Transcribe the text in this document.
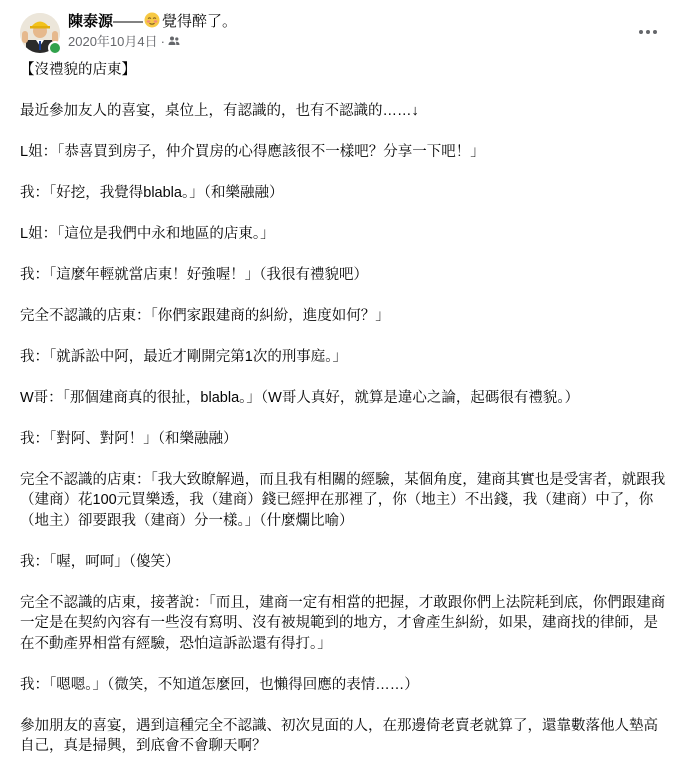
陳泰源—— 覺得醉了。
2020年10月4日 ·

【沒禮貌的店東】

最近參加友人的喜宴，桌位上，有認識的，也有不認識的……↓

L姐：「恭喜買到房子，仲介買房的心得應該很不一樣吧？分享一下吧！」

我：「好挖，我覺得blabla。」（和樂融融）

L姐：「這位是我們中永和地區的店東。」

我：「這麼年輕就當店東！好強喔！」（我很有禮貌吧）

完全不認識的店東：「你們家跟建商的糾紛，進度如何？」

我：「就訴訟中阿，最近才剛開完第1次的刑事庭。」

W哥：「那個建商真的很扯，blabla。」（W哥人真好，就算是違心之論，起碼很有禮貌。）

我：「對阿、對阿！」（和樂融融）

完全不認識的店東：「我大致瞭解過，而且我有相關的經驗，某個角度，建商其實也是受害者，就跟我（建商）花100元買樂透，我（建商）錢已經押在那裡了，你（地主）不出錢，我（建商）中了，你（地主）卻要跟我（建商）分一樣。」（什麼爛比喻）

我：「喔，呵呵」（傻笑）

完全不認識的店東，接著說：「而且，建商一定有相當的把握，才敢跟你們上法院耗到底，你們跟建商一定是在契約內容有一些沒有寫明、沒有被規範到的地方，才會產生糾紛，如果，建商找的律師，是在不動產界相當有經驗，恐怕這訴訟還有得打。」

我：「嗯嗯。」（微笑，不知道怎麼回，也懶得回應的表情……）

參加朋友的喜宴，遇到這種完全不認識、初次見面的人，在那邊倚老賣老就算了，還靠數落他人墊高自己，真是掃興，到底會不會聊天啊？
